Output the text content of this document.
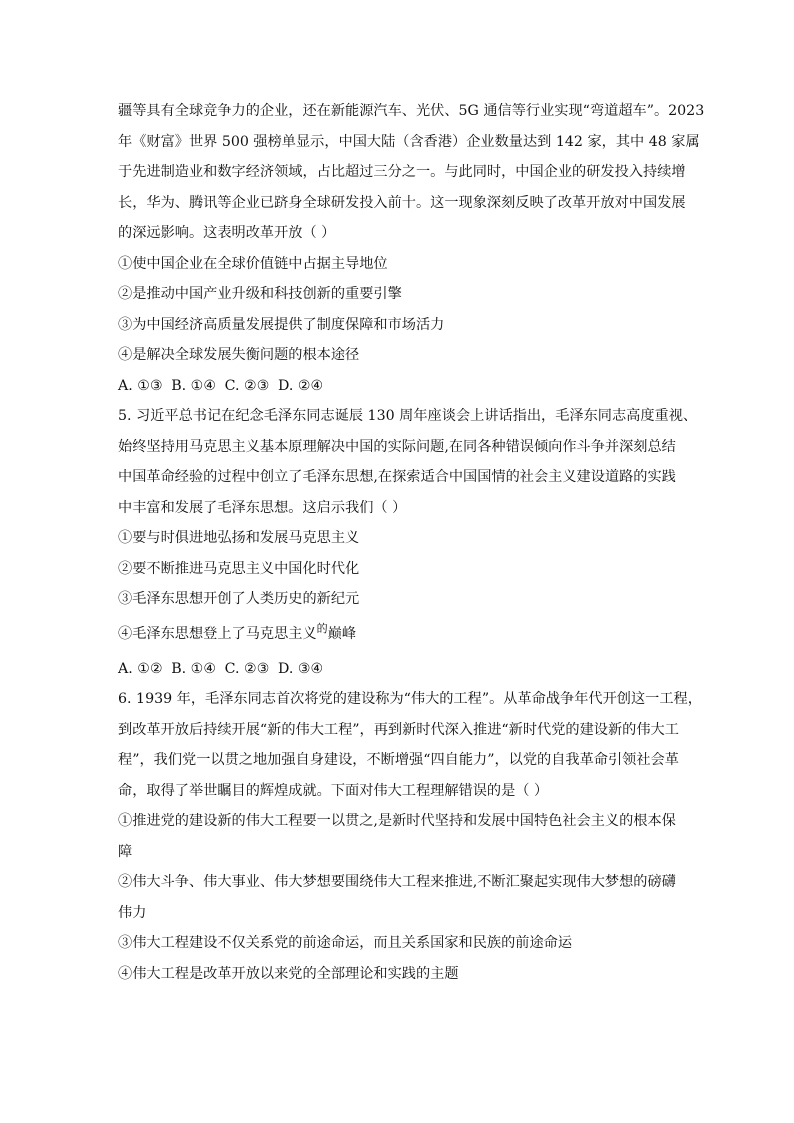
疆等具有全球竞争力的企业，还在新能源汽车、光伏、5G 通信等行业实现“弯道超车”。2023

年《财富》世界 500 强榜单显示，中国大陆（含香港）企业数量达到 142 家，其中 48 家属

于先进制造业和数字经济领域，占比超过三分之一。与此同时，中国企业的研发投入持续增

长，华为、腾讯等企业已跻身全球研发投入前十。这一现象深刻反映了改革开放对中国发展

的深远影响。这表明改革开放（ ）

①使中国企业在全球价值链中占据主导地位

②是推动中国产业升级和科技创新的重要引擎

③为中国经济高质量发展提供了制度保障和市场活力

④是解决全球发展失衡问题的根本途径

A. ①③ B. ①④ C. ②③ D. ②④

5. 习近平总书记在纪念毛泽东同志诞辰 130 周年座谈会上讲话指出，毛泽东同志高度重视、

始终坚持用马克思主义基本原理解决中国的实际问题,在同各种错误倾向作斗争并深刻总结

中国革命经验的过程中创立了毛泽东思想,在探索适合中国国情的社会主义建设道路的实践

中丰富和发展了毛泽东思想。这启示我们（ ）

①要与时俱进地弘扬和发展马克思主义

②要不断推进马克思主义中国化时代化

③毛泽东思想开创了人类历史的新纪元

④毛泽东思想登上了马克思主义$^的$巅峰

A. ①② B. ①④ C. ②③ D. ③④

6. 1939 年，毛泽东同志首次将党的建设称为“伟大的工程”。从革命战争年代开创这一工程，

到改革开放后持续开展“新的伟大工程”，再到新时代深入推进“新时代党的建设新的伟大工

程”，我们党一以贯之地加强自身建设，不断增强“四自能力”，以党的自我革命引领社会革

命，取得了举世瞩目的辉煌成就。下面对伟大工程理解错误的是（ ）

①推进党的建设新的伟大工程要一以贯之,是新时代坚持和发展中国特色社会主义的根本保

障

②伟大斗争、伟大事业、伟大梦想要围绕伟大工程来推进,不断汇聚起实现伟大梦想的磅礴

伟力

③伟大工程建设不仅关系党的前途命运，而且关系国家和民族的前途命运

④伟大工程是改革开放以来党的全部理论和实践的主题
